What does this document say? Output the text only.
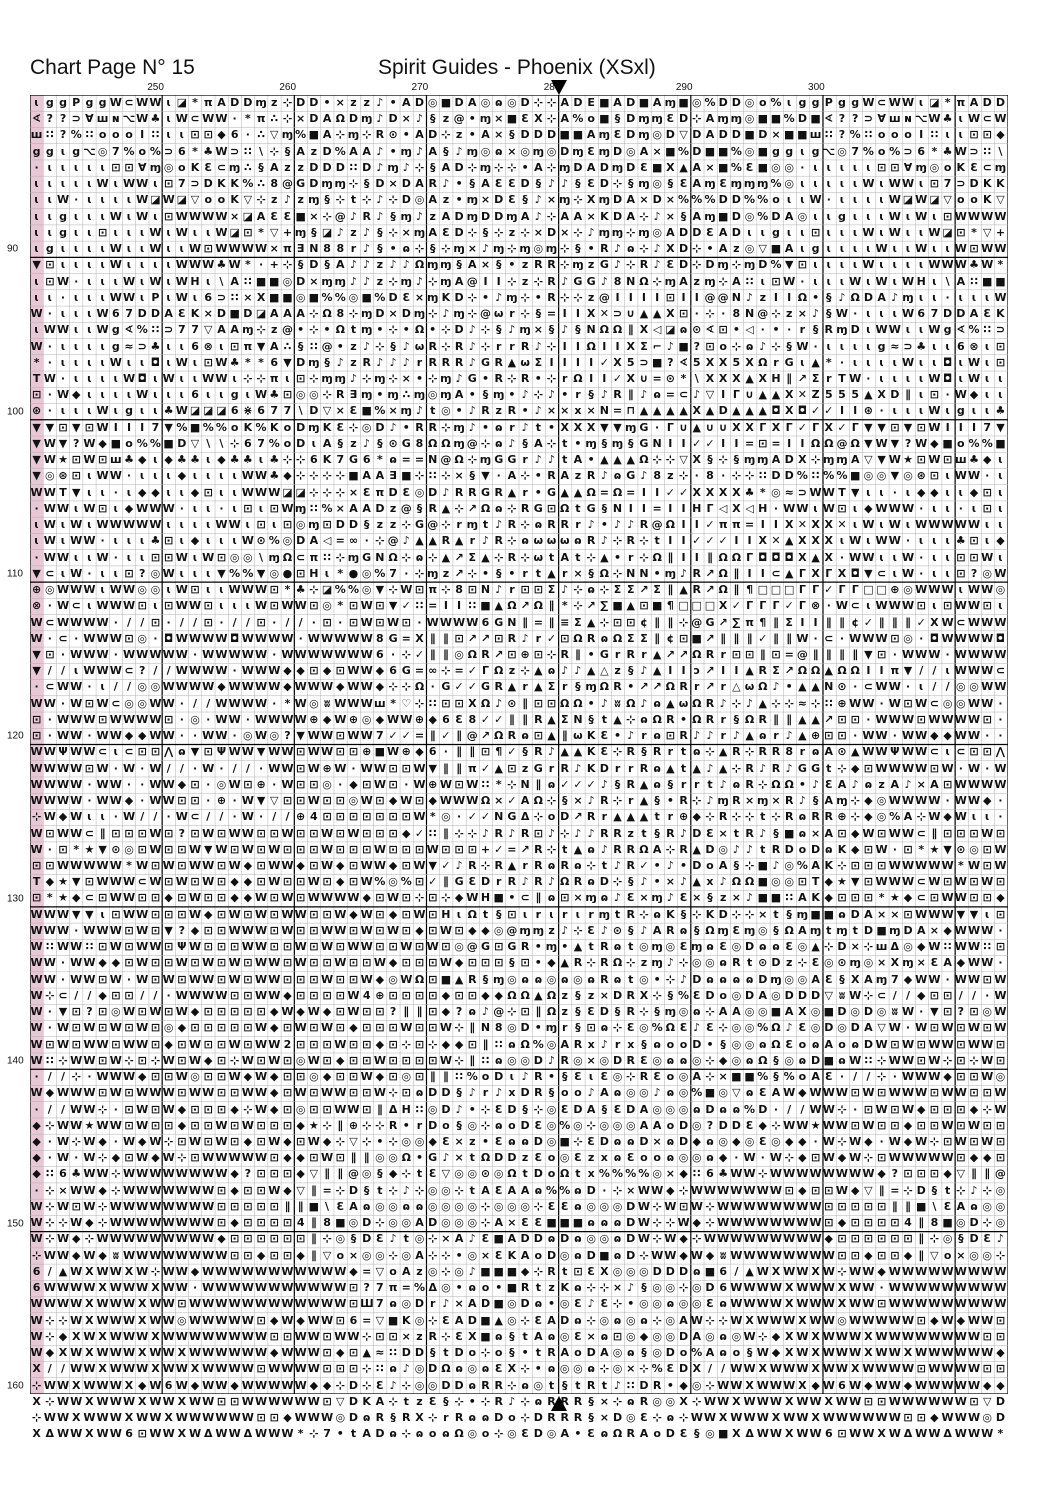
Chart Page N° 15	Spirit Guides - Phoenix (XSxl)
250	260	270	280	290	300
90
100
110
120
130
140
150
160
ɩ g g P g g W ⊂ WW ɩ ◪ * π A D D ɱ z ⊹ D D • × z z ♪ • A D ◎ ■ D A ◎ ɷ ◎ D ⊹ ⊹ A D E ■ A D ■ A ɱ ■ ◎ % D D ◎ o % ɩ g g P g g W ⊂ WW ɩ ◪ * π A D D
∢ ? ? ⊃ Ɐ ш ɴ ⌥W ♣ ɩ W ⊂ WW · * π ∴ ⊹ × D A Ω D ɱ ♪ D × ♪ § z @ • ɱ × ■ Ɛ X ⊹ A % o ■ § D ɱ ɱ Ɛ D ⊹ A ɱ ɱ ◎ ■ ■ % D ■ ∢ ? ? ⊃ Ɐ ш ɴ ⌥W ♣ ɩ W ⊂ W
ш ∷ ? % ∷ o o o I ∷ ɩ ɩ ⊡ ⊡ ◆ 6 · ∴ ▽ ɱ % ■ A ⊹ ɱ ⊹ R ⊙ • A D ⊹ z • A × § D D D ■ ■ A ɱ Ɛ D ɱ ◎ D ▽ D A D D ■ D × ■ ■ ш ∷ ? % ∷ o o o I ∷ ɩ ɩ ⊡ ⊡ ◆
g g ɩ g ⌥ ◎ 7 % o % ⊃ 6 * ♣ W ⊃ ∷ \ ⊹ § A z D % A A ♪ • ɱ ♪ A § ♪ ɱ ◎ ɷ × ◎ ɱ ◎ D ɱ Ɛ ɱ D ◎ A × ■ % D ■ ■ % ◎ ■ g g ɩ g ⌥ ◎ 7 % o % ⊃ 6 * ♣ W ⊃ ∷ \
· ɩ ɩ ɩ ɩ ɩ ⊡ ⊡ Ɐ ɱ ◎ o K Ɛ ⊂ ɱ ∴ § A z z D D D ∷ D ♪ ɱ ♪ ⊹ § A D ⊹ ɱ ⊹ ⊹ • A ⊹ ɱ D A D ɱ D Ɛ ■ X ▲ A × ■ % Ɛ ■ ◎ ◎ · ɩ ɩ ɩ ɩ ɩ ⊡ ⊡ Ɐ ɱ ◎ o K Ɛ ⊂ ɱ
ɩ ɩ ɩ ɩ ɩ W ɩ WW ɩ ⊡ 7 ⊃ D K K % ∴ 8 @ G D ɱ ɱ ⊹ § D × D A R ♪ • § A Ɛ Ɛ D § ♪ ♪ § Ɛ D ⊹ § ɱ ◎ § Ɛ A ɱ Ɛ ɱ ɱ ɱ % ◎ ɩ ɩ ɩ ɩ ɩ W ɩ WW ɩ ⊡ 7 ⊃ D K K
ɩ ɩ W · ɩ ɩ ɩ ɩ W ◪ W ◪ ▽ o ο K ▽ ⊹ z ♪ z ɱ § ⊹ t ⊹ ♪ ⊹ D ◎ A z • ɱ × D Ɛ § ♪ × ɱ ⊹ X ɱ D A × D × % % % D D % % o ɩ ɩ W · ɩ ɩ ɩ ɩ W ◪ W ◪ ▽ o ο K ▽
ɩ ɩ g ɩ ɩ ɩ W ɩ W ɩ ⊡ WWWW × ◪ A Ɛ Ɛ ■ × ⊹ @ ♪ R ♪ § ɱ ♪ z A D ɱ D D ɱ A ♪ ⊹ A A × K D A ⊹ ♪ × § A ɱ ■ D ◎ % D A ◎ ɩ ɩ g ɩ ɩ ɩ W ɩ W ɩ ⊡ WWWW
ɩ ɩ g ɩ ɩ ⊡ ɩ ɩ ɩ W ɩ W ɩ ɩ W ◪ ⊡ * ▽ + ɱ § ◪ ♪ z ♪ § ⊹ × ɱ A Ɛ D ⊹ § ⊹ z ⊹ × D × ⊹ ♪ ɱ ɱ ⊹ ɱ ◎ A D D Ɛ A D ɩ ɩ g ɩ ɩ ⊡ ɩ ɩ ɩ W ɩ W ɩ ɩ W ◪ ⊡ * ▽ +
ɩ g ɩ ɩ ɩ ɩ W ɩ ɩ W ɩ ɩ W ⊡ WWWW × π ∃ N 8 8 r ♪ § • ɷ ⊹ § ⊹ ɱ × ♪ ɱ ⊹ ɱ ◎ ɱ ⊹ § • R ♪ ɷ ⊹ ♪ X D ⊹ • A z ◎ ▽ ■ A ɩ g ɩ ɩ ɩ ɩ W ɩ ɩ W ɩ ɩ W ⊡ WW
▼ ⊡ ɩ ɩ ɩ ɩ W ɩ ɩ ɩ ɩ WWW ♣ W * · + ⊹ § D § A ♪ ♪ z ♪ ♪ Ω ɱ ɱ § A × § • z R R ⊹ ɱ z G ♪ ⊹ R ♪ Ɛ D ⊹ D ɱ ⊹ ɱ D % ▼ ⊡ ɩ ɩ ɩ ɩ W ɩ ɩ ɩ ɩ WWW ♣ W *
ɩ ⊡ W · ɩ ɩ ɩ W ɩ W ɩ W H ɩ \ A ∷ ■ ■ ◎ D × ɱ ɱ ♪ ♪ z ⊹ ɱ ♪ ⊹ ɱ A @ I I ⊹ z ⊹ R ♪ G G ♪ 8 N Ω ⊹ ɱ A z ɱ ⊹ A ∷ ɩ ⊡ W · ɩ ɩ ɩ W ɩ W ɩ W H ɩ \ A ∷ ■ ■
ɩ ɩ · ɩ ɩ ɩ WW ɩ P ɩ W ɩ 6 ⊃ ∷ × X ■ ■ ◎ ■ % % ◎ ■ % D Ɛ × ɱ K D ⊹ • ♪ ɱ ⊹ • R ⊹ ⊹ z @ I I I I ⊡ I I @ @ N ♪ z Ι Ι Ω • § ♪ Ω D A ♪ ɱ ɩ ɩ · ɩ ɩ ɩ W
W · ɩ ɩ ɩ W 6 7 D D A Ɛ K × D ■ D ◪ A A A ⊹ Ω 8 ⊹ ɱ D × D ɱ ⊹ ♪ ɱ ⊹ @ ω r ⊹ § = I I X ✕ ⊃ ∪ ▲ ▲ X ⊡ · ⊹ · 8 N @ ⊹ z × ♪ § W · ɩ ɩ ɩ W 6 7 D D A Ɛ K
ɩ WW ɩ ɩ W g ∢ % ∷ ⊃ 7 7 ▽ A A ɱ ⊹ z @ • ⊹ • Ω t ɱ • ⊹ • Ω • ⊹ D ♪ ⊹ § ♪ ɱ × § ♪ § N Ω Ω ∥ X ◁ ◪ ɷ ⊙ ∢ ⊡ • ◁ · • · r § R ɱ D ɩ WW ɩ ɩ W g ∢ % ∷ ⊃
W · ɩ ɩ ɩ ɩ g ≈ ⊃ ♣ ɩ ɩ 6 ⊗ ɩ ⊡ π ▼ A ∴ § ∷ @ • z ♪ ⊹ § ♪ ω R ⊹ R ♪ ⊹ r r R ♪ ⊹ I I Ω I I X Σ ⌐ ♪ ■ ? ⊡ o ⊹ ɷ ♪ ⊹ § W · ɩ ɩ ɩ ɩ g ≈ ⊃ ♣ ɩ ɩ 6 ⊗ ɩ ⊡
* · ɩ ɩ ɩ ɩ W ɩ ɩ ◘ ɩ W ɩ ⊡ W ♣ * * 6 ▼ D ɱ § ♪ z R ♪ ♪ ♪ r R R R ♪ G R ▲ ω Σ I I I I ✓ X 5 ⊃ ■ ? ∢ 5 X X 5 X Ω r G ɩ ▲ * · ɩ ɩ ɩ ɩ W ɩ ɩ ◘ ɩ W ɩ ⊡
T W · ɩ ɩ ɩ ɩ W ◘ ɩ W ɩ ɩ WW ɩ ⊹ ⊹ π ɩ ⊡ ⊹ ɱ ɱ ♪ ⊹ ɱ ⊹ × • ⊹ ɱ ♪ G • R ⊹ R • ⊹ r Ω I I ✓ X ∪ = ⊙ * \ X X X ▲ X H ∥ ↗ Σ r T W · ɩ ɩ ɩ ɩ W ◘ ɩ W ɩ ɩ
⊡ · W ◆ ɩ ɩ ɩ ɩ W ɩ ɩ ɩ 6 ɩ ɩ g ɩ W ♣ ⊡ ◎ ◎ ⊹ R ∃ ɱ • ɱ ∴ ɱ ◎ ɱ A • § ɱ • ♪ ⊹ ♪ • r § ♪ R ∥ ♪ ɷ = ⊂ ♪ ▽ I Γ ∪ ▲ ▲ X ✕ Z 5 5 5 ▲ X D ∥ ɩ ⊡ · W ◆ ɩ ɩ
⊛ · ɩ ɩ ɩ W ɩ g ɩ ɩ ♣ W ◪ ◪ ◪ 6 ⋇ 6 7 7 \ D ▽ × Ɛ ■ % × ɱ ♪ t ◎ • ♪ R z R • ♪ × × x × N = ⊓ ▲ ▲ ▲ ▲ X ▲ D ▲ ▲ ▲ ◘ X ◘ ✓ ✓ I I ⊛ · ɩ ɩ ɩ W ɩ g ɩ ɩ ♣
▼ ▼ ⊡ ▼ ⊡ W Ι Ι Ι 7 ▼ % ■ % % o K % K o D ɱ K Ɛ ⊹ ◎ D ♪ • R R ⊹ ɱ ♪ • ɷ r ♪ t • X X X ▼ ▼ ɱ G · Γ ∪ ▲ ∪ ∪ X X Γ X Γ ✓ Γ X ✓ Γ ▼ ▼ ⊡ ▼ ⊡ W Ι Ι Ι 7 ▼
▼ W ▼ ? W ◆ ■ o % % ■ D ▽ \ \ ⊹ 6 7 % o D ɩ A § z ♪ § ⊙ G 8 Ω Ω ɱ @ ⊹ ɷ ♪ § A ⊹ t • ɱ § ɱ § G N I I ✓ ✓ I I = ⊡ = I I Ω Ω @ Ω ▼ W ▼ ? W ◆ ■ o % % ■
▼ W ★ ⊡ W ⊡ ш ♣ ◆ ɩ ◆ ♣ ♣ ɩ ◆ ♣ ♣ ɩ ♣ ⊹ ⊹ 6 K 7 G 6 * ɷ = = N @ Ω ⊹ ɱ G G r ♪ ♪ t A • ▲ ▲ ▲ Ω ⊹ ⊹ ▽ X § ⊹ § ɱ ɱ A D X ⊹ ɱ ɱ A ▽ ▼ W ★ ⊡ W ⊡ ш ♣ ◆ ɩ
▼ ◎ ⊛ ⊡ ɩ WW · ɩ ɩ ɩ ◆ ɩ ɩ ɩ ɩ WW ♣ ◆ ⊹ ⊹ ⊹ ⊹ ■ A A ∃ ■ ⊹ ∷ ⊹ × § ▼ · A ⊹ • R A z R ♪ ɷ G ♪ 8 z ⊹ · 8 · ⊹ ⊹ ∷ D D % ∷ % % ■ ◎ ◎ ▼ ◎ ⊛ ⊡ ɩ WW · ɩ
WW T ▼ ɩ ɩ · ɩ ◆ ◆ ɩ ɩ ◆ ⊡ ɩ ɩ WWW ◪ ◪ ⊹ ⊹ ⊹ × Ɛ π D Ɛ ◎ D ♪ R R G R ▲ r • G ▲ ▲ Ω = Ω = I I ✓ ✓ X X X X ♣ * ◎ ≈ ⊃ WW T ▼ ɩ ɩ · ɩ ◆ ◆ ɩ ɩ ◆ ⊡ ɩ
· WW ɩ W ⊡ ɩ ◆ WWW · ɩ ɩ · ɩ ⊡ ɩ ⊡ Wɱ ∷ % × A A D z @ § R ▲ ⊹ ↗ Ω ɷ ⊹ R G ⊡ Ω t G § N I I = I I H Γ ◁ X ◁ H · WW ɩ W ⊡ ɩ ◆ WWW · ɩ ɩ · ɩ ⊡ ɩ
ɩ W ɩ W ɩ WWWWW ɩ ɩ ɩ ɩ WW ɩ ⊡ ɩ ⊡ ◎ ɱ ⊡ D D § z z ⊹ G @ ⊹ r ɱ t ♪ R ⊹ ɷ R R r ♪ • ♪ ♪ R @ Ω I I ✓ π π = I I X ✕ X X ✕ ɩ W ɩ W ɩ WWWWW ɩ ɩ
ɩ W ɩ WW · ɩ ɩ ɩ ♣ ⊡ ɩ ◆ ɩ ɩ ɩ W ⊙ % ◎ D A ◁ = ∞ · ⊹ @ ♪ ▲ ▲ R ▲ r ♪ R ⊹ ɷ ω ω ω ɷ R ♪ ⊹ R ⊹ t I I ✓ ✓ ✓ I I X ✕ ▲ X X X ɩ W ɩ WW · ɩ ɩ ɩ ♣ ⊡ ɩ ◆
· WW ɩ ɩ W · ɩ ɩ ⊡ ⊡ W ɩ W ⊡ ◎ ◎ \ ɱ Ω ⊂ π ∷ ⊹ ɱ G N Ω ⊹ ɷ ⊹ ▲ ↗ Σ ▲ ⊹ R ⊹ ω t A t ⊹ ▲ • r ⊹ Ω ∥ I I ∥ Ω Ω Γ ◘ ◘ ◘ X ▲ X · WW ɩ ɩ W · ɩ ɩ ⊡ ⊡ W ɩ
▼ ⊂ ɩ W · ɩ ɩ ⊡ ? ◎ W ɩ ɩ ɩ ▼ % % ▼ ◎ ● ⊡ H ɩ * ● ◎ % 7 · ⊹ ɱ z ↗ ⊹ • § • r t ▲ r × § Ω ⊹ N N • ɱ ♪ R ↗ Ω ∥ I I ⊂ ▲ Γ X Γ X ◘ ▼ ⊂ ɩ W · ɩ ɩ ⊡ ? ◎ W
⊕ ◎ WWW ɩ WW ◎ ◎ ɩ W ⊡ ɩ ɩ WWW ⊡ * ♣ ⊹ ◪ % % ◎ ▼ ⊹ W ⊡ π ⊹ 8 ⊡ N ♪ r ⊡ ⊡ Σ ♪ ⊹ ɷ ⊹ Σ Σ ↗ Σ ∥ ▲ R ↗ Ω ∥ ¶ □ □ □ Γ Γ ✓ Γ Γ □ □ ⊕ ◎ WWW ɩ WW ◎
⊗ · W ⊂ ɩ WWW ⊡ ɩ ⊡ WW ⊡ ɩ ɩ ɩ W ⊡ WW ⊡ ◎ * ⊡ W ⊡ ▼ ✓ ∷ = I I ∷ ■ ▲ Ω ↗ Ω ∥ * ⊹ ↗ ∑ ■ ▲ ⊡ ■ ¶ □ □ □ X ✓ Γ Γ Γ ✓ Γ ⊗ · W ⊂ ɩ WWW ⊡ ɩ ⊡ WW ⊡ ɩ
W ⊂ WWWW · / / ⊡ · / / ⊡ · / / ⊡ · / / · ⊡ · ⊡ W ⊡ W ⊡ · WWWW 6 G N ∥ = ∥ ≡ Σ ▲ ⊹ ⊡ ⊡ ¢ ∥ ∥ ⊹ @ G ↗ ∑ π ¶ ∥ Σ I I ∥ ∥ ¢ ✓ ∥ ∥ ∥ ✓ X W ⊂ WWW
W · ⊂ · WWW ⊡ ◎ · ◘ WWWW ◘ WWWW · WWWWW 8 G = X ∥ ∥ ⊡ ↗ ↗ ⊡ R ♪ r ✓ ⊡ Ω R ɷ Ω Σ Σ ∥ ¢ ⊡ ■ ↗ ∥ ∥ ∥ ✓ ∥ ∥ W · ⊂ · WWW ⊡ ◎ · ◘ WWWW ◘
▼ ⊡ · WWW · WWWWW · WWWWW · WWWWWWW 6 · ⊹ ✓ ∥ ∥ ◎ Ω R ↗ ⊡ ⊕ ⊡ ⊹ R ∥ • G r R r ▲ ↗ ↗ Ω R r ⊡ ⊡ ∥ ⊡ = @ ∥ ∥ ∥ ∥ ▼ ⊡ · WWW · WWWW
▼ / / ɩ WWW ⊂ ? / / WWWW · WWW ◆ ◆ ⊡ ◆ ⊡ WW ◆ 6 G = ∞ ⊹ = ✓ Γ Ω z ⊹ ▲ ɷ ♪ ♪ ▲ △ z § ♪ ▲ I I ↄ ↗ I I ▲ R Σ ↗ Ω Ω ▲ Ω Ω I I π ▼ / / ɩ WWW ⊂
· ⊂ WW · ɩ / / ◎ ◎ WWWW ◆ WWWW ◆ WWW ◆ WW ◆ ⊹ ⊹ Ω · G ✓ ✓ G R ▲ r ▲ Σ r § ɱ Ω R • ↗ ↗ Ω R r ↗ r △ ω Ω ♪ • ▲ ▲ N ⊙ · ⊂ WW · ɩ / / ◎ ◎ WW
WW · W ⊡ W ⊂ ◎ ◎ WW · / / WWWW · * W ◎ ʬ WWWш * ♡ ⊹ ∷ ⊡ ⊡ X Ω ♪ ⊙ ∥ ⊡ ⊡ Ω Ω • ♪ ʬ Ω ♪ ɷ ▲ ω Ω R ♪ ⊹ ♪ ▲ ⊹ ⊹ ≈ ⊹ ∷ ⊕ WW · W ⊡ W ⊂ ◎ ◎ WW ·
⊡ · WWW ⊡ WWWW ⊡ · ◎ · WW · WWWW ⊕ ◆ W ⊕ ◎ ◆ WW ⊕ ◆ 6 Ɛ 8 ✓ ✓ ∥ ∥ R ▲ Σ N § t ▲ ⊹ ɷ Ω R • Ω R r § Ω R ∥ ∥ ▲ ▲ ↗ ⊡ ⊡ · WWW ⊡ WWWW ⊡ ·
⊡ · WW · WW ◆ ◆ WW · · WW · ◎ W ◎ ? ▼ WW ⊡ WW 7 ✓ ✓ = ∥ ✓ ∥ @ ↗ Ω R ɷ ⊡ ▲ ∥ ω K Ɛ • ♪ r ɷ ⊡ R ♪ ♪ r ♪ ▲ ɷ r ♪ ▲ ⊕ ⊡ ⊡ · WW · WW ◆ ◆ WW · ·
WW Ψ WW ⊂ ɩ ⊂ ⊡ ⊡ ⋀ ɷ ▼ ⊡ Ψ WW ▼ WW ⊡ WW ⊡ ⊡ ⊕ ■ W ⊕ ◆ 6 · ∥ ∥ ⊡ ¶ ✓ § R ♪ ▲ ▲ K Ɛ ⊹ R § R r t ɷ ⊹ ▲ R ⊹ R R 8 r ɷ A ⊙ ▲ WW Ψ WW ⊂ ɩ ⊂ ⊡ ⊡ ⋀
WWWW ⊡ W · W · W / / · W · / / · WW ⊡ W ⊕ W · WW ⊡ ⊡ W ▼ ∥ ∥ π ✓ ▲ ⊡ z G r R ♪ K D r r R ɷ ▲ t ▲ ♪ ▲ ⊹ R ♪ R ♪ G G t ⊹ ◆ ⊡ WWWW ⊡ W · W · W
WWWW · WW · · WW ◆ ⊡ · ◎ W ⊡ ⊕ · W ⊡ ⊡ ◎ · ◆ ⊡ W ⊡ · W ⊕ W ⊡ W ∷ * ⊹ N ∥ ɷ ✓ ✓ ✓ ♪ § R ▲ ɷ § r r t ♪ ɷ R ⊹ Ω Ω • ♪ Ɛ A ♪ ɷ z A ♪ × A ⊡ WWWW
WWWW · WW ◆ · WW ⊡ ⊡ · ⊕ · W ▼ ▽ ⊡ ⊡ W ⊡ ⊡ ◎ W ⊡ ◆ W ⊡ ◆ WWW Ω × ✓ A Ω ⊹ § × ♪ R ⊹ r ▲ § • R ⊹ ♪ ɱ R × ɱ × R ♪ § A ɱ ⊹ ◆ ◎ WWWW · WW ◆ ·
⊹ W ◆ W ɩ ɩ · W / / · W ⊂ / / · W · / / ⊕ 4 ⊡ ⊡ ⊡ ⊡ ⊡ ⊡ ⊡ W * ◎ · ✓ ✓ N G Δ ⊹ o D ↗ R r ▲ ▲ ▲ t r ⊕ ◆ ⊹ R ⊹ ⊹ t ⊹ R ɷ R R ⊕ ⊹ ◆ ◎ % A ⊹ W ◆ W ɩ ɩ ·
W ⊡ WW ⊂ ∥ ⊡ ⊡ ⊡ W ⊡ ? ⊡ W ⊡ WW ⊡ ⊡ W ⊡ ⊡ W ⊡ W ⊡ ⊡ ⊡ ◆ ✓ ∷ ∥ ⊹ ⊹ ♪ R ♪ R ⊡ ♪ ⊹ ♪ ♪ R R z t § R ♪ D Ɛ × t R ♪ § ■ ɷ × A ⊡ ◆ W ⊡ WW ⊂ ∥ ⊡ ⊡ ⊡ W ⊡
W · ⊡ * ★ ▼ ⊙ ◎ ⊡ W ⊡ ⊡ W ▼ W ⊡ W ⊡ W ⊡ ⊡ ⊡ W ⊡ ⊡ ⊡ W ⊡ ⊡ ⊡ W ⊡ ⊡ ⊡ + ✓ = ↗ R ⊹ t ▲ ɷ ♪ R R Ω A ⊹ R ▲ D ◎ ♪ ♪ t R D o D ɷ K ◆ ⊡ W · ⊡ * ★ ▼ ⊙ ◎ ⊡ W
⊡ ⊡ WWWWW * W ⊡ W ⊡ WW ⊡ W ◆ ⊡ WW ◆ ⊡ W ◆ ⊡ WW ◆ ⊡ W ▼ ✓ ♪ R ⊹ R ▲ r R ɷ R ɷ ⊹ t ♪ R ✓ • ♪ • D o A § ⊹ ■ ♪ ◎ % A K ⊹ ⊡ ⊡ ⊡ WWWWW * W ⊡ W
T ◆ ★ ▼ ⊡ WWW ⊂ W ⊡ W ⊡ W ⊡ ◆ ◆ ⊡ W ⊡ ⊡ W ⊡ ◆ ⊡ W % ◎ % ⊡ ✓ ∥ G Ɛ D r R ♪ R ♪ Ω R ɷ D ⊹ § ♪ • × ♪ ▲ x ♪ Ω Ω ■ ◎ ◎ ⊡ T ◆ ★ ▼ ⊡ WWW ⊂ W ⊡ W ⊡ W ⊡
⊡ * ★ ◆ ⊂ ⊡ WW ⊡ ⊡ ◆ ⊡ W ⊡ ⊡ ◆ ◆ W ⊡ W ⊡ WWWW ◆ ⊡ W ⊡ ⊹ ⊡ ⊹ ◆ W H ■ • ⊂ ∥ ɷ ⊡ × ɱ ɷ ♪ Ɛ × ɱ ♪ Ɛ × § z × ♪ ■ ■ ∷ A K ◆ ⊡ ⊡ ⊡ * ★ ◆ ⊂ ⊡ WW ⊡ ⊡ ◆
WWW ▼ ▼ ɩ ⊡ WW ⊡ ⊡ ⊡ W ◆ ⊡ W ⊡ W ⊡ WW ⊡ ⊡ W ◆ W ⊡ ◆ ⊡ W ⊡ H ɩ Ω t § ⊡ ɩ r ɩ r ɩ r ɱ t R ⊹ ɷ K § ⊹ K D ⊹ ⊹ × t § ɱ ■ ■ ɷ D A × × ⊡ WWW ▼ ▼ ɩ ⊡
WWW · WWW ⊡ W ⊡ ▼ ? ◆ ⊡ ⊡ WWW ⊡ W ⊡ ⊡ WW ⊡ W ⊡ W ⊡ ◆ ⊡ W ⊡ ◆ ◆ ◎ @ ɱ ɱ z ♪ ⊹ Ɛ ♪ ⊙ § ♪ A R ɷ § Ω ɱ Ɛ ɱ ◎ § Ω A ɱ t ɱ t D ■ ɱ D A × ◆ WWW ·
W ∷ WW ∷ ⊡ W ⊡ WW ⊡ Ψ W ⊡ ⊡ ⊡ WW ⊡ ⊡ W ⊡ W ⊡ WW ⊡ ⊡ W ⊡ W ⊡ ◎ @ G ⊡ G R • ɱ • ▲ t R ɷ t ◎ ɱ ◎ Ɛ ɱ ɷ Ɛ ◎ D ɷ ɷ Ɛ ◎ ▲ ⊹ D × ⊹ ш Δ ◎ ◆ W ∷ WW ∷ ⊡
WW · WW ◆ ◆ ⊡ W ⊡ ⊡ W ⊡ W ⊡ W ⊡ WW ⊡ W ⊡ ⊡ W ⊡ ⊡ W ◆ ⊡ ⊡ ⊡ W ◆ ⊡ ⊡ ⊡ § ⊡ • ◆ ▲ R ⊹ R Ω ⊹ z ɱ ♪ ⊹ ◎ ◎ ɷ R t ⊙ D z ⊹ Ɛ ◎ ⊙ ɱ ◎ × X ɱ × Ɛ A ◆ WW ·
WW · WW ⊡ W · W ⊡ W ⊡ WW ⊡ W ⊡ WW ⊡ ⊡ ⊡ W ⊡ ⊡ W ◆ ◎ W Ω ⊡ ■ ▲ R § ɱ ◎ ɷ ɷ ◎ ɷ ◎ ɷ R ɷ t ◎ • ⊹ ♪ D ɷ ɷ ɷ ɷ D ɱ ◎ ◎ A Ɛ § X A ɱ 7 ◆ WW · WW ⊡ W
W ⊹ ⊂ / / ◆ ⊡ ⊡ / / · WWWW ⊡ ⊡ WW ◆ ⊡ ⊡ ⊡ ⊡ W 4 ⊕ ⊡ ⊡ ⊡ ⊡ ◆ ⊡ ⊡ ◆ ◆ Ω Ω ▲ Ω z § z × D R X ⊹ § % Ɛ D o ◎ D A ◎ D D D ▽ ʬ W ⊹ ⊂ / / ◆ ⊡ ⊡ / / · W
W · ▼ ⊡ ? ⊡ ◎ W ⊡ W ⊡ W ◆ ⊡ ⊡ ⊡ ⊡ ⊡ ◆ W ◆ W ◆ ⊡ W ⊡ ⊡ ? ∥ ∥ ⊡ ◆ ? ɷ ♪ @ ⊹ ⊡ ∥ Ω z § Ɛ D § R ⊹ § ɱ ◎ ɷ ⊹ A A ◎ ◎ ■ A X ◎ ■ D ◎ D ◎ ʬ W · ▼ ⊡ ? ⊡ ◎ W
W · W ⊡ W ⊡ W ⊡ W ⊡ ◎ ◆ ⊡ ⊡ ⊡ ⊡ ⊡ W ◆ ⊡ W ⊡ W ⊡ ◆ ⊡ ⊡ ⊡ W ⊡ ⊡ W ⊹ ∥ N 8 ◎ D • ɱ r § ⊡ ɷ ⊹ Ɛ ◎ % Ω Ɛ ♪ Ɛ ⊹ ◎ ◎ % Ω ♪ Ɛ ◎ D ◎ D A ▽ W · W ⊡ W ⊡ W ⊡ W
W ⊡ W ⊡ WW ⊡ WW ⊡ ◆ ⊡ W ⊡ ⊡ W ⊡ WW 2 ⊡ ⊡ ⊡ W ⊡ ⊡ ◆ ⊡ ⊹ ⊡ ⊹ ◆ ◆ ⊡ ∥ ∷ ɷ Ω % ◎ A R x ♪ r x § ɷ o o D • § ◎ ◎ ɷ Ω Ɛ o ɷ A o ɷ D W ⊡ W ⊡ WW ⊡ WW ⊡
W ∷ ⊹ WW ⊡ W ⊹ ⊡ ⊹ W ⊡ W ◆ ⊡ ⊹ W ⊡ W ⊡ ◎ W ⊡ ◆ ⊡ ⊡ W ⊡ ⊡ ⊡ ⊡ W ⊹ ∥ ∷ ɷ ◎ ◎ D ♪ R ◎ × ◎ D R Ɛ ◎ ɷ ɷ ◎ ⊹ ◆ ◎ ɷ Ω § ◎ ɷ D ■ ɷ W ∷ ⊹ WW ⊡ W ⊹ ⊡ ⊹ W ⊡
· / / ⊹ · WWW ◆ ⊡ ⊡ W ◎ ⊡ ⊡ W ◆ W ◆ ⊡ ⊡ ◎ ◆ ⊡ ⊡ W ◆ ⊡ ◎ ⊡ ∥ ∥ ∷ % o D ɩ ♪ R • § Ɛ ɩ Ɛ ◎ ⊹ R Ɛ o ◎ A ⊹ × ■ ■ % § % o A Ɛ · / / ⊹ · WWW ◆ ⊡ ⊡ W ◎
W ◆ WWW ⊡ W ⊡ WWW ⊡ WW ⊡ ⊡ WW ◆ ⊡ W ⊡ WW ⊡ ⊡ W ⊹ ⊡ ɷ D D § ♪ r ♪ x D R § o o ♪ A ɷ ◎ ◎ ♪ ɷ ◎ % ■ ◎ ▽ ɷ Ɛ A W ◆ WWW ⊡ W ⊡ WWW ⊡ WW ⊡ ⊡ W
· / / WW ⊹ · ⊡ W ⊡ W ◆ ⊡ ⊡ ⊡ ◆ ⊹ W ◆ ⊡ ◎ ⊡ ⊡ WW ⊡ ∥ Δ H ∷ ◎ D ♪ • ⊹ Ɛ D § ⊹ ◎ Ɛ D A § Ɛ D A ◎ ◎ ◎ ɷ D ɷ ɷ % D · / / WW ⊹ · ⊡ W ⊡ W ◆ ⊡ ⊡ ⊡ ◆ ⊹ W
◆ ⊹ WW ★ WW ⊡ W ⊡ ⊡ ◆ ⊡ ⊡ W ⊡ W ⊡ ⊡ ⊡ ◆ ★ ⊹ ∥ ⊕ ⊹ ⊹ R • r D o § ◎ ⊹ ɷ o D Ɛ ◎ % ◎ ⊹ ◎ ◎ ◎ A A o D ◎ ? D D Ɛ ◆ ⊹ WW ★ WW ⊡ W ⊡ ⊡ ◆ ⊡ ⊡ W ⊡ W ⊡ ⊡
◆ · W ⊹ W ◆ · W ◆ W ⊹ ⊡ W ⊡ W ⊡ ◆ ⊡ W ◆ ⊡ W ◆ ⊹ ▽ ⊹ • ⊹ ◎ ◎ ◆ Ɛ × z • Ɛ ɷ ɷ D ◎ ■ ⊹ Ɛ D ɷ ɷ D × ɷ D ◆ ɷ ◎ ◆ ◎ Ɛ ◎ ◆ ◆ · W ⊹ W ◆ · W ◆ W ⊹ ⊡ W ⊡ W ⊡
◆ · W · W ⊹ ◆ ⊡ W ◆ W ⊹ ⊡ WWWWW ⊡ ◆ ◆ ⊡ W ⊡ ∥ ∥ ◎ ◎ Ω • G ♪ × t Ω D D z Ɛ o ◎ Ɛ z x ɷ Ɛ o o ɷ ◎ ◎ ɷ ◆ · W · W ⊹ ◆ ⊡ W ◆ W ⊹ ⊡ WWWWW ⊡ ◆ ◆ ⊡
◆ ∷ 6 ♣ WW ⊹ WWWWWWWW ◆ ? ⊡ ⊡ ⊡ ◆ ▽ ∥ ∥ @ ◎ § ◆ ⊹ t Ɛ ▽ ◎ ◎ ⊙ ◎ Ω t D o Ω t x % % % % ◎ × ◆ ∷ 6 ♣ WW ⊹ WWWWWWWW ◆ ? ⊡ ⊡ ⊡ ◆ ▽ ∥ ∥ @
· ⊹ × WW ◆ ⊹ WWWWWWW ⊡ ◆ ⊡ ⊡ W ◆ ▽ ∥ = ⊹ D § t ⊹ ♪ ⊹ ◎ ◎ ⊹ t A Ɛ A A ɷ % % ɷ D · ⊹ × WW ◆ ⊹ WWWWWWW ⊡ ◆ ⊡ ⊡ W ◆ ▽ ∥ = ⊹ D § t ⊹ ♪ ⊹ ◎
W ⊹ W ⊡ W ⊹ WWWWWWWW ⊡ ⊡ ⊡ ⊡ ⊡ ∥ ∥ ■ \ Ɛ A ɷ ◎ ◎ ɷ ɷ ◎ ◎ ◎ ◎ ⊹ ◎ ◎ ◎ ⊹ Ɛ Ɛ ɷ ◎ ◎ ◎ D W ⊹ W ⊡ W ⊹ WWWWWWWW ⊡ ⊡ ⊡ ⊡ ⊡ ∥ ∥ ■ \ Ɛ A ɷ ◎ ◎
W ⊹ ⊹ W ◆ ⊹ WWWWWWWW ⊡ ◆ ⊡ ⊡ ⊡ ⊡ 4 ∥ 8 ■ ◎ D ⊹ ◎ ◎ A D ◎ ◎ ◎ ⊹ A × Ɛ Ɛ ■ ■ ■ ɷ ɷ ɷ D W ⊹ ⊹ W ◆ ⊹ WWWWWWWW ⊡ ◆ ⊡ ⊡ ⊡ ⊡ 4 ∥ 8 ■ ◎ D ⊹ ◎
W ⊹ W ◆ ⊹ WWWWWWWWW ◆ ⊡ ⊡ ⊡ ⊡ ⊡ ⊡ ∥ ⊹ ◎ § D Ɛ ♪ t ◎ ⊹ × A ♪ Ɛ ■ A D D ɷ D ɷ ◎ ◎ ɷ D W ⊹ W ◆ ⊹ WWWWWWWWW ◆ ⊡ ⊡ ⊡ ⊡ ⊡ ⊡ ∥ ⊹ ◎ § D Ɛ ♪
⊹ WW ◆ W ◆ ʬ WWWWWWWW ⊡ ⊡ ◆ ⊡ ⊡ ◆ ∥ ▽ o × ◎ ◎ ⊹ ◎ A ⊹ ⊹ • ◎ × Ɛ K A o D ◎ ɷ D ■ ɷ D ⊹ WW ◆ W ◆ ʬ WWWWWWWW ⊡ ⊡ ◆ ⊡ ⊡ ◆ ∥ ▽ o × ◎ ◎ ⊹
6 / ▲ W X WW X W ⊹ WW ◆ WWWWWWWWWWW ◆ = ▽ o A z ◎ ⊹ ◎ ♪ ■ ■ ■ ◆ ⊹ R t ⊡ Ɛ X ◎ ◎ ◎ D D D ɷ ■ 6 / ▲ W X WW X W ⊹ WW ◆ WWWWWWWWW
6 WWWW X WWW X WW · WWWWWWWWWWW ⊡ ? 7 π = % Δ ◎ • ɷ o • ■ R t z K ɷ ⊹ ⊹ × ♪ § ◎ ◎ ⊹ ◎ D 6 WWWW X WWW X WW · WWWWWWWWW
WWWW X WWW X WW ⊡ WWWWWWWWWWWW ⊡ Ш 7 ɷ ◎ D r ♪ × A D ■ ◎ D ɷ • ◎ Ɛ ♪ Ɛ ⊹ • ◎ ◎ ɷ ◎ ◎ Ɛ ɷ WWWW X WWW X WW ⊡ WWWWWWWWW
W ⊹ ⊹ W X WWW X WW ◎ WWWWW ⊡ ◆ W ◆ WW ⊡ 6 = ▽ ■ K ◎ ⊹ Ɛ A D ■ ▲ ◎ ⊹ Ɛ A D ɷ ⊹ ◎ ɷ ◎ ɷ ⊹ ◎ A W ⊹ ⊹ W X WWW X WW ◎ WWWWW ⊡ ◆ W ◆ WW ⊡
W ⊹ ◆ X W X WWW X WWWWWWWW ⊡ ⊡ WW ⊡ WW ⊹ ⊡ ⊡ × z R ⊹ Ɛ X ■ ɷ § t A ɷ ◎ Ɛ × ɷ ⊡ ◎ ◆ ◎ ◎ D A ◎ ɷ ◎ W ⊹ ◆ X W X WWW X WWWWWWWW ⊡ ⊡
W ◆ X W X WWW X WW X WWWWWW ◆ WWW ⊡ ◆ ⊡ ▲ ≈ ∷ D D § t D o ⊹ o § • t R A o D A ◎ ɷ § ◎ D o % A ɷ o § W ◆ X W X WWW X WW X WWWWWW ◆
X / / WW X WWW X WW X WWWW ⊡ WWWW ⊡ ⊡ ⊡ ⊹ ∷ ɷ ♪ ◎ D Ω ɷ ◎ ɷ Ɛ X ⊹ • ɷ ◎ ◎ ɷ ⊹ ◎ × ⊹ % Ɛ D X / / WW X WWW X WW X WWWW ⊡ WWWW ⊡ ⊡
⊹ WW X WWW X ◆ W 6 W ◆ WW ◆ WWWWW ◆ ◆ ⊹ D ⊹ Ɛ ♪ ⊹ ◎ ◎ D D ɷ R R ⊹ ɷ ◎ t § t R t ♪ ∷ D R • ◆ ◎ ⊹ WW X WWW X ◆ W 6 W ◆ WW ◆ WWWWW ◆ ◆
X ⊹ WW X WWW X WW X WW ⊡ ⊡ WWWWWW ⊡ ▽ D K A ⊹ t z Ɛ § ⊹ • ⊹ R ♪ ⊹ ɷ R R R § × ⊹ ɷ R ◎ ◎ X ⊹ WW X WWW X WW X WW ⊡ ⊡ WWWWWW ⊡ ▽ D
⊹ WW X WWW X WW X WWWWWW ⊡ ⊡ ◆ WWW ◎ D ɷ R § R X ⊹ r R ɷ ɷ D o ⊹ D R R R § × D ◎ Ɛ ⊹ ɷ ⊹ WW X WWW X WW X WWWWWW ⊡ ⊡ ◆ WWW ◎ D
X Δ WW X WW 6 ⊡ WW X W Δ WW Δ WWW * ⊹ 7 • t A D ɷ ⊹ ɷ o ɷ Ω ◎ o ⊹ ◎ Ɛ D ◎ A • Ɛ ɷ Ω R A o D Ɛ § ◎ ■ X Δ WW X WW 6 ⊡ WW X W Δ WW Δ WWW *
